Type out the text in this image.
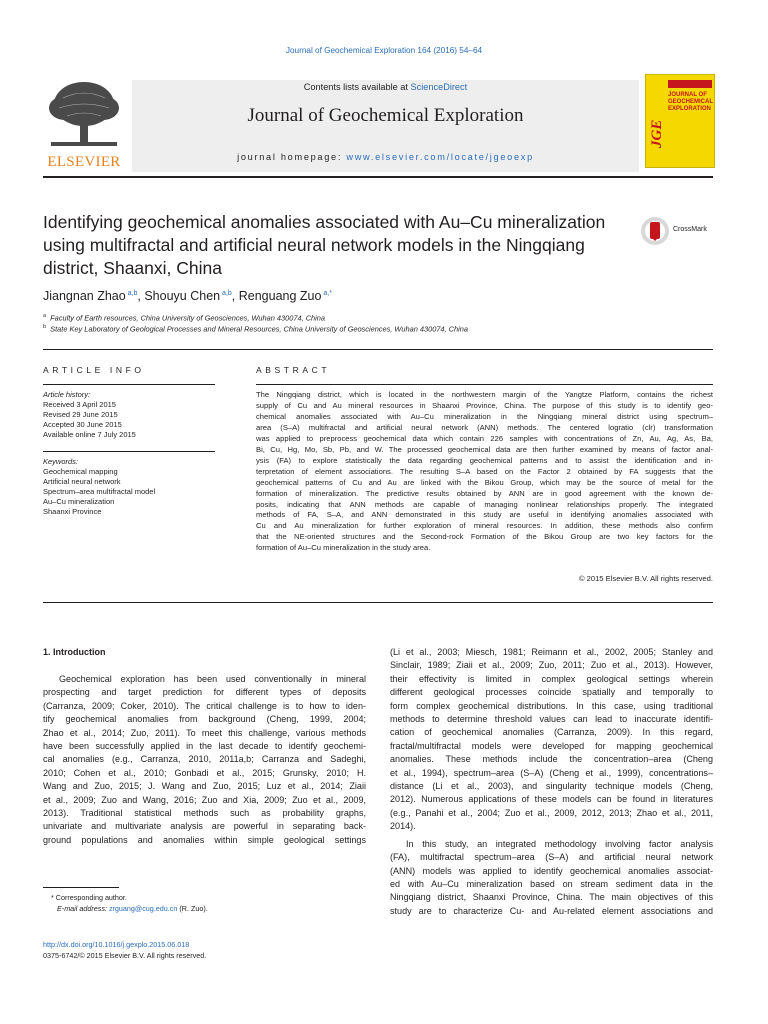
Journal of Geochemical Exploration 164 (2016) 54–64
ELSEVIER
Contents lists available at ScienceDirect
Journal of Geochemical Exploration
journal homepage: www.elsevier.com/locate/jgeoexp
JGE
JOURNAL OF GEOCHEMICAL EXPLORATION
Identifying geochemical anomalies associated with Au–Cu mineralization using multifractal and artificial neural network models in the Ningqiang district, Shaanxi, China
CrossMark
Jiangnan Zhao $^{a,b}$, Shouyu Chen $^{a,b}$, Renguang Zuo $^{a,*}$
$^a$ Faculty of Earth resources, China University of Geosciences, Wuhan 430074, China
$^b$ State Key Laboratory of Geological Processes and Mineral Resources, China University of Geosciences, Wuhan 430074, China
ARTICLE INFO	ABSTRACT
Article history:
Received 3 April 2015
Revised 29 June 2015
Accepted 30 June 2015
Available online 7 July 2015
Keywords:
Geochemical mapping
Artificial neural network
Spectrum–area multifractal model
Au–Cu mineralization
Shaanxi Province
The Ningqiang district, which is located in the northwestern margin of the Yangtze Platform, contains the richest
supply of Cu and Au mineral resources in Shaanxi Province, China. The purpose of this study is to identify geo-
chemical anomalies associated with Au–Cu mineralization in the Ningqiang mineral district using spectrum–
area (S–A) multifractal and artificial neural network (ANN) methods. The centered logratio (clr) transformation
was applied to preprocess geochemical data which contain 226 samples with concentrations of Zn, Au, Ag, As, Ba,
Bi, Cu, Hg, Mo, Sb, Pb, and W. The processed geochemical data are then further examined by means of factor anal-
ysis (FA) to explore statistically the data regarding geochemical patterns and to assist the identification and in-
terpretation of element associations. The resulting S–A based on the Factor 2 obtained by FA suggests that the
geochemical patterns of Cu and Au are linked with the Bikou Group, which may be the source of metal for the
formation of mineralization. The predictive results obtained by ANN are in good agreement with the known de-
posits, indicating that ANN methods are capable of managing nonlinear relationships properly. The integrated
methods of FA, S–A, and ANN demonstrated in this study are useful in identifying anomalies associated with
Cu and Au mineralization for further exploration of mineral resources. In addition, these methods also confirm
that the NE-oriented structures and the Second-rock Formation of the Bikou Group are two key factors for the
formation of Au–Cu mineralization in the study area.
© 2015 Elsevier B.V. All rights reserved.
1. Introduction
Geochemical exploration has been used conventionally in mineral
prospecting and target prediction for different types of deposits
(Carranza, 2009; Coker, 2010). The critical challenge is to how to iden-
tify geochemical anomalies from background (Cheng, 1999, 2004;
Zhao et al., 2014; Zuo, 2011). To meet this challenge, various methods
have been successfully applied in the last decade to identify geochemi-
cal anomalies (e.g., Carranza, 2010, 2011a,b; Carranza and Sadeghi,
2010; Cohen et al., 2010; Gonbadi et al., 2015; Grunsky, 2010; H.
Wang and Zuo, 2015; J. Wang and Zuo, 2015; Luz et al., 2014; Ziaii
et al., 2009; Zuo and Wang, 2016; Zuo and Xia, 2009; Zuo et al., 2009,
2013). Traditional statistical methods such as probability graphs,
univariate and multivariate analysis are powerful in separating back-
ground populations and anomalies within simple geological settings
(Li et al., 2003; Miesch, 1981; Reimann et al., 2002, 2005; Stanley and
Sinclair, 1989; Ziaii et al., 2009; Zuo, 2011; Zuo et al., 2013). However,
their effectivity is limited in complex geological settings wherein
different geological processes coincide spatially and temporally to
form complex geochemical distributions. In this case, using traditional
methods to determine threshold values can lead to inaccurate identifi-
cation of geochemical anomalies (Carranza, 2009). In this regard,
fractal/multifractal models were developed for mapping geochemical
anomalies. These methods include the concentration–area (Cheng
et al., 1994), spectrum–area (S–A) (Cheng et al., 1999), concentrations–
distance (Li et al., 2003), and singularity technique models (Cheng,
2012). Numerous applications of these models can be found in literatures
(e.g., Panahi et al., 2004; Zuo et al., 2009, 2012, 2013; Zhao et al., 2011,
2014).
In this study, an integrated methodology involving factor analysis
(FA), multifractal spectrum–area (S–A) and artificial neural network
(ANN) models was applied to identify geochemical anomalies associat-
ed with Au–Cu mineralization based on stream sediment data in the
Ningqiang district, Shaanxi Province, China. The main objectives of this
study are to characterize Cu- and Au-related element associations and
* Corresponding author.
E-mail address: zrguang@cug.edu.cn (R. Zuo).
http://dx.doi.org/10.1016/j.gexplo.2015.06.018
0375-6742/© 2015 Elsevier B.V. All rights reserved.
